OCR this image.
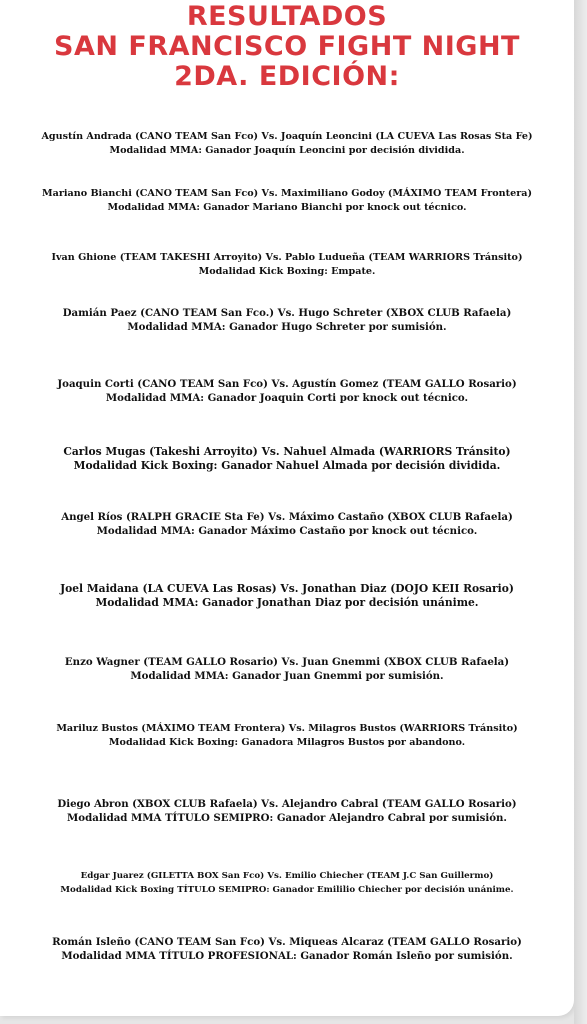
RESULTADOS
SAN FRANCISCO FIGHT NIGHT
2DA. EDICIÓN:
Agustín Andrada (CANO TEAM San Fco) Vs. Joaquín Leoncini (LA CUEVA Las Rosas Sta Fe)
Modalidad MMA: Ganador Joaquín Leoncini por decisión dividida.
Mariano Bianchi (CANO TEAM San Fco) Vs. Maximiliano Godoy (MÁXIMO TEAM Frontera)
Modalidad MMA: Ganador Mariano Bianchi por knock out técnico.
Ivan Ghione (TEAM TAKESHI Arroyito) Vs. Pablo Ludueña (TEAM WARRIORS Tránsito)
Modalidad Kick Boxing: Empate.
Damián Paez (CANO TEAM San Fco.) Vs. Hugo Schreter (XBOX CLUB Rafaela)
Modalidad MMA: Ganador Hugo Schreter por sumisión.
Joaquin Corti (CANO TEAM San Fco) Vs. Agustín Gomez (TEAM GALLO Rosario)
Modalidad MMA: Ganador Joaquin Corti por knock out técnico.
Carlos Mugas (Takeshi Arroyito) Vs. Nahuel Almada (WARRIORS Tránsito)
Modalidad Kick Boxing: Ganador Nahuel Almada por decisión dividida.
Angel Ríos (RALPH GRACIE Sta Fe) Vs. Máximo Castaño (XBOX CLUB Rafaela)
Modalidad MMA: Ganador Máximo Castaño por knock out técnico.
Joel Maidana (LA CUEVA Las Rosas) Vs. Jonathan Diaz (DOJO KEII Rosario)
Modalidad MMA: Ganador Jonathan Diaz por decisión unánime.
Enzo Wagner (TEAM GALLO Rosario) Vs. Juan Gnemmi (XBOX CLUB Rafaela)
Modalidad MMA: Ganador Juan Gnemmi por sumisión.
Mariluz Bustos (MÁXIMO TEAM Frontera) Vs. Milagros Bustos (WARRIORS Tránsito)
Modalidad Kick Boxing: Ganadora Milagros Bustos por abandono.
Diego Abron (XBOX CLUB Rafaela) Vs. Alejandro Cabral (TEAM GALLO Rosario)
Modalidad MMA TÍTULO SEMIPRO: Ganador Alejandro Cabral por sumisión.
Edgar Juarez (GILETTA BOX San Fco) Vs. Emilio Chiecher (TEAM J.C San Guillermo)
Modalidad Kick Boxing TÍTULO SEMIPRO: Ganador Emililio Chiecher por decisión unánime.
Román Isleño (CANO TEAM San Fco) Vs. Miqueas Alcaraz (TEAM GALLO Rosario)
Modalidad MMA TÍTULO PROFESIONAL: Ganador Román Isleño por sumisión.
